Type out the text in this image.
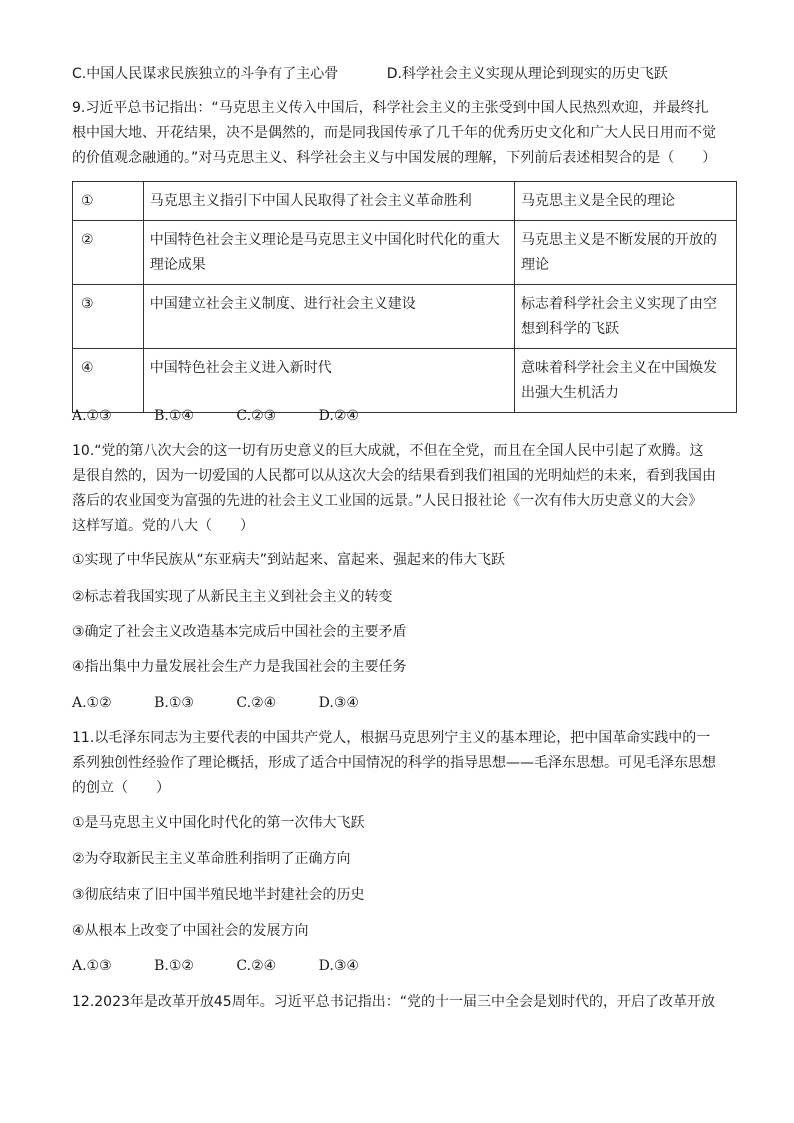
C.中国人民谋求民族独立的斗争有了主心骨	D.科学社会主义实现从理论到现实的历史飞跃
9.习近平总书记指出：“马克思主义传入中国后，科学社会主义的主张受到中国人民热烈欢迎，并最终扎
根中国大地、开花结果，决不是偶然的，而是同我国传承了几千年的优秀历史文化和广大人民日用而不觉
的价值观念融通的。”对马克思主义、科学社会主义与中国发展的理解，下列前后表述相契合的是（　　）
①	马克思主义指引下中国人民取得了社会主义革命胜利	马克思主义是全民的理论
②	中国特色社会主义理论是马克思主义中国化时代化的重大理论成果	马克思主义是不断发展的开放的理论
③	中国建立社会主义制度、进行社会主义建设	标志着科学社会主义实现了由空想到科学的飞跃
④	中国特色社会主义进入新时代	意味着科学社会主义在中国焕发出强大生机活力
A.①③	B.①④	C.②③	D.②④
10.“党的第八次大会的这一切有历史意义的巨大成就，不但在全党，而且在全国人民中引起了欢腾。这
是很自然的，因为一切爱国的人民都可以从这次大会的结果看到我们祖国的光明灿烂的未来，看到我国由
落后的农业国变为富强的先进的社会主义工业国的远景。”人民日报社论《一次有伟大历史意义的大会》
这样写道。党的八大（　　）
①实现了中华民族从“东亚病夫”到站起来、富起来、强起来的伟大飞跃
②标志着我国实现了从新民主主义到社会主义的转变
③确定了社会主义改造基本完成后中国社会的主要矛盾
④指出集中力量发展社会生产力是我国社会的主要任务
A.①②	B.①③	C.②④	D.③④
11.以毛泽东同志为主要代表的中国共产党人，根据马克思列宁主义的基本理论，把中国革命实践中的一
系列独创性经验作了理论概括，形成了适合中国情况的科学的指导思想——毛泽东思想。可见毛泽东思想
的创立（　　）
①是马克思主义中国化时代化的第一次伟大飞跃
②为夺取新民主主义革命胜利指明了正确方向
③彻底结束了旧中国半殖民地半封建社会的历史
④从根本上改变了中国社会的发展方向
A.①③	B.①②	C.②④	D.③④
12.2023年是改革开放45周年。习近平总书记指出：“党的十一届三中全会是划时代的，开启了改革开放
